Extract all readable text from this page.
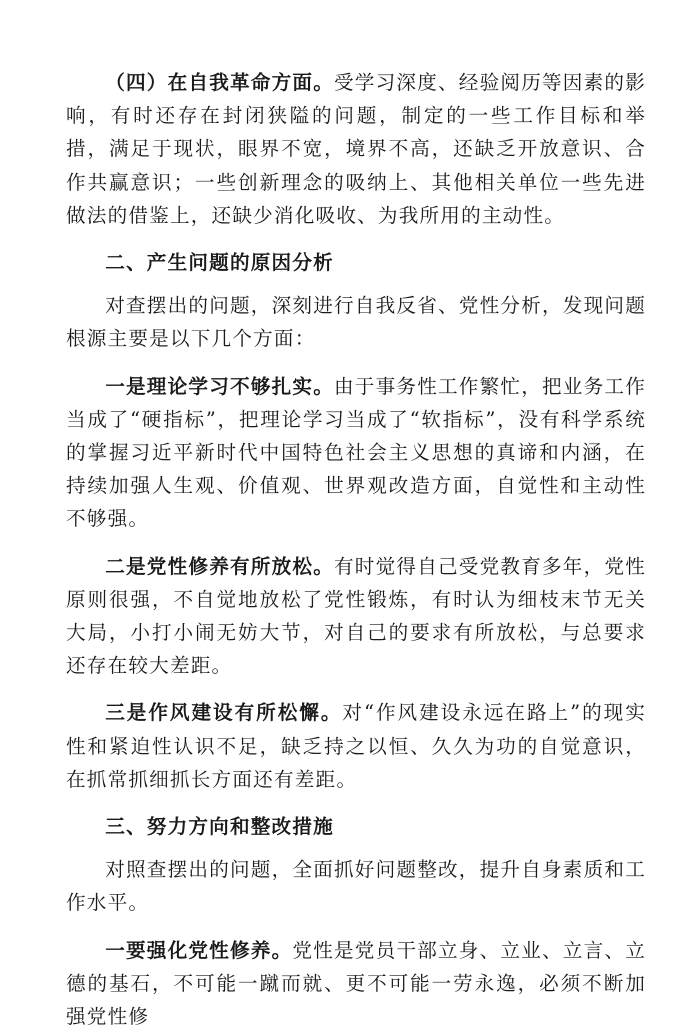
（四）在自我革命方面。受学习深度、经验阅历等因素的影响，有时还存在封闭狭隘的问题，制定的一些工作目标和举措，满足于现状，眼界不宽，境界不高，还缺乏开放意识、合作共赢意识；一些创新理念的吸纳上、其他相关单位一些先进做法的借鉴上，还缺少消化吸收、为我所用的主动性。

二、产生问题的原因分析

对查摆出的问题，深刻进行自我反省、党性分析，发现问题根源主要是以下几个方面：

一是理论学习不够扎实。由于事务性工作繁忙，把业务工作当成了“硬指标”，把理论学习当成了“软指标”，没有科学系统的掌握习近平新时代中国特色社会主义思想的真谛和内涵，在持续加强人生观、价值观、世界观改造方面，自觉性和主动性不够强。

二是党性修养有所放松。有时觉得自己受党教育多年，党性原则很强，不自觉地放松了党性锻炼，有时认为细枝末节无关大局，小打小闹无妨大节，对自己的要求有所放松，与总要求还存在较大差距。

三是作风建设有所松懈。对“作风建设永远在路上”的现实性和紧迫性认识不足，缺乏持之以恒、久久为功的自觉意识，在抓常抓细抓长方面还有差距。

三、努力方向和整改措施

对照查摆出的问题，全面抓好问题整改，提升自身素质和工作水平。

一要强化党性修养。党性是党员干部立身、立业、立言、立德的基石，不可能一蹴而就、更不可能一劳永逸，必须不断加强党性修
